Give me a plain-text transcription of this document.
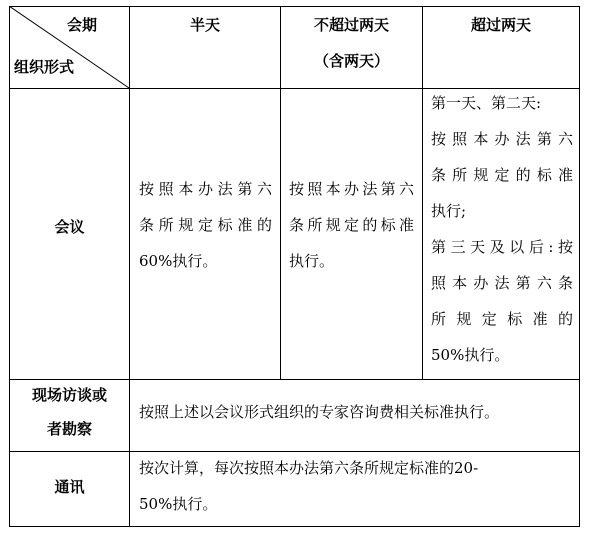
会期
组织形式
半天	不超过两天
（含两天）
超过两天
会议
按照本办法第六
条所规定标准的
60%执行。
按照本办法第六
条所规定的标准
执行。
第一天、第二天:
按照本办法第六
条所规定的标准
执行;
第三天及以后:按
照本办法第六条
所规定标准的
50%执行。
现场访谈或
者勘察
按照上述以会议形式组织的专家咨询费相关标准执行。
通讯
按次计算，每次按照本办法第六条所规定标准的20-
50%执行。
